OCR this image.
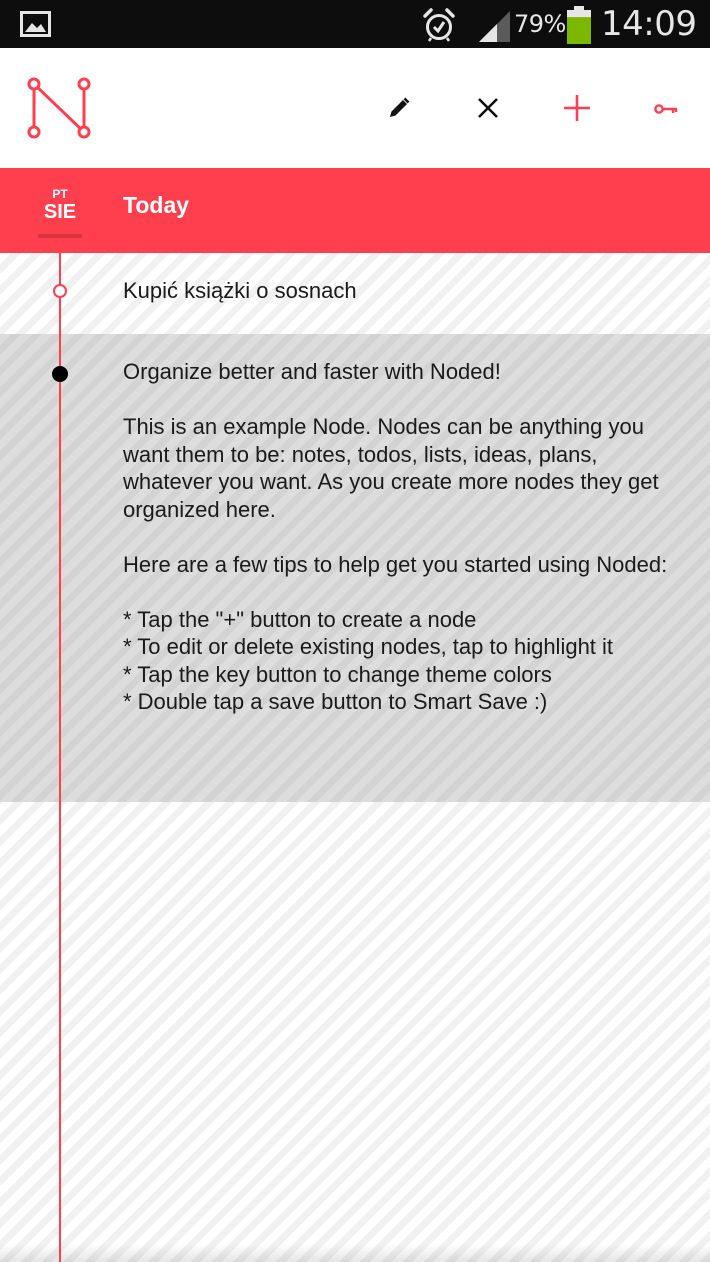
79% 14:09
PT
SIE Today

Kupić książki o sosnach

Organize better and faster with Noded!

This is an example Node. Nodes can be anything you want them to be: notes, todos, lists, ideas, plans, whatever you want. As you create more nodes they get organized here.

Here are a few tips to help get you started using Noded:

* Tap the "+" button to create a node
* To edit or delete existing nodes, tap to highlight it
* Tap the key button to change theme colors
* Double tap a save button to Smart Save :)
